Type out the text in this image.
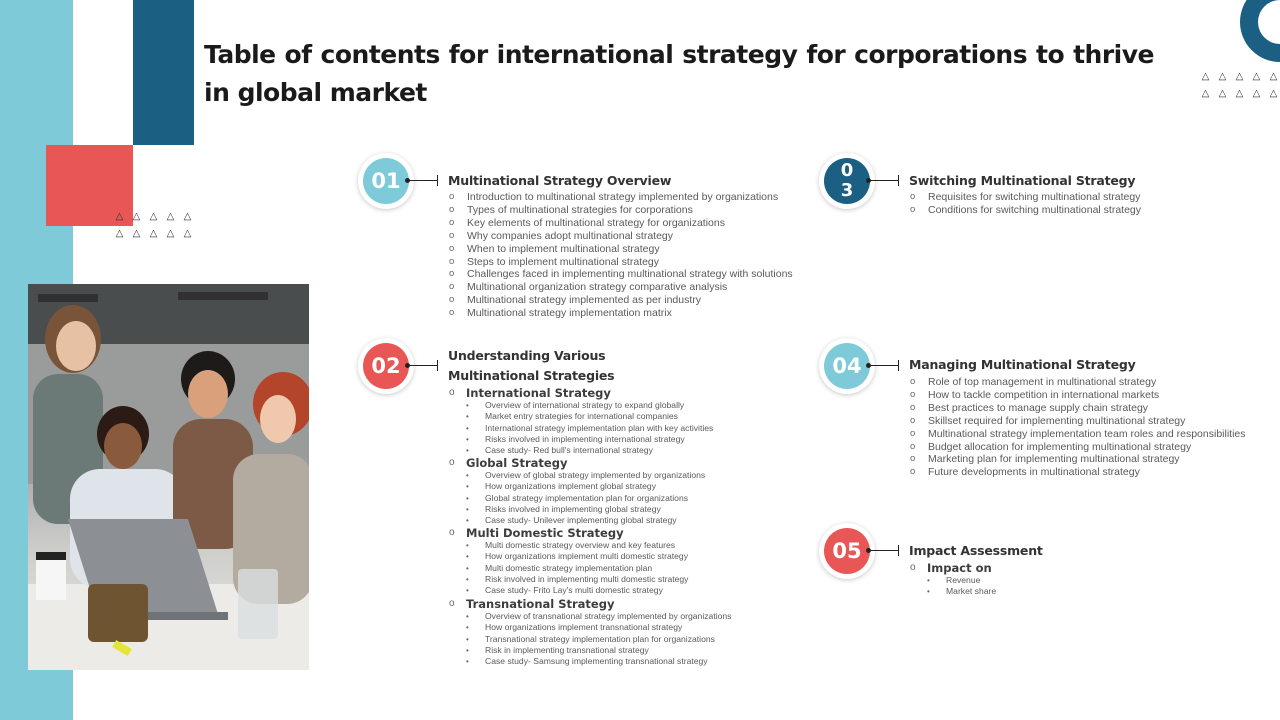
△ △ △ △ △
△ △ △ △ △
△ △ △ △ △
△ △ △ △ △
Table of contents for international strategy for corporations to thrive in global market
01	Multinational Strategy Overview
o Introduction to multinational strategy implemented by organizations
o Types of multinational strategies for corporations
o Key elements of multinational strategy for organizations
o Why companies adopt multinational strategy
o When to implement multinational strategy
o Steps to implement multinational strategy
o Challenges faced in implementing multinational strategy with solutions
o Multinational organization strategy comparative analysis
o Multinational strategy implemented as per industry
o Multinational strategy implementation matrix
02	Understanding Various
Multinational Strategies
o International Strategy
• Overview of international strategy to expand globally
• Market entry strategies for international companies
• International strategy implementation plan with key activities
• Risks involved in implementing international strategy
• Case study- Red bull's international strategy
o Global Strategy
• Overview of global strategy implemented by organizations
• How organizations implement global strategy
• Global strategy implementation plan for organizations
• Risks involved in implementing global strategy
• Case study- Unilever implementing global strategy
o Multi Domestic Strategy
• Multi domestic strategy overview and key features
• How organizations implement multi domestic strategy
• Multi domestic strategy implementation plan
• Risk involved in implementing multi domestic strategy
• Case study- Frito Lay's multi domestic strategy
o Transnational Strategy
• Overview of transnational strategy implemented by organizations
• How organizations implement transnational strategy
• Transnational strategy implementation plan for organizations
• Risk in implementing transnational strategy
• Case study- Samsung implementing transnational strategy
0
3	Switching Multinational Strategy
o Requisites for switching multinational strategy
o Conditions for switching multinational strategy
04	Managing Multinational Strategy
o Role of top management in multinational strategy
o How to tackle competition in international markets
o Best practices to manage supply chain strategy
o Skillset required for implementing multinational strategy
o Multinational strategy implementation team roles and responsibilities
o Budget allocation for implementing multinational strategy
o Marketing plan for implementing multinational strategy
o Future developments in multinational strategy
05	Impact Assessment
o Impact on
• Revenue
• Market share
